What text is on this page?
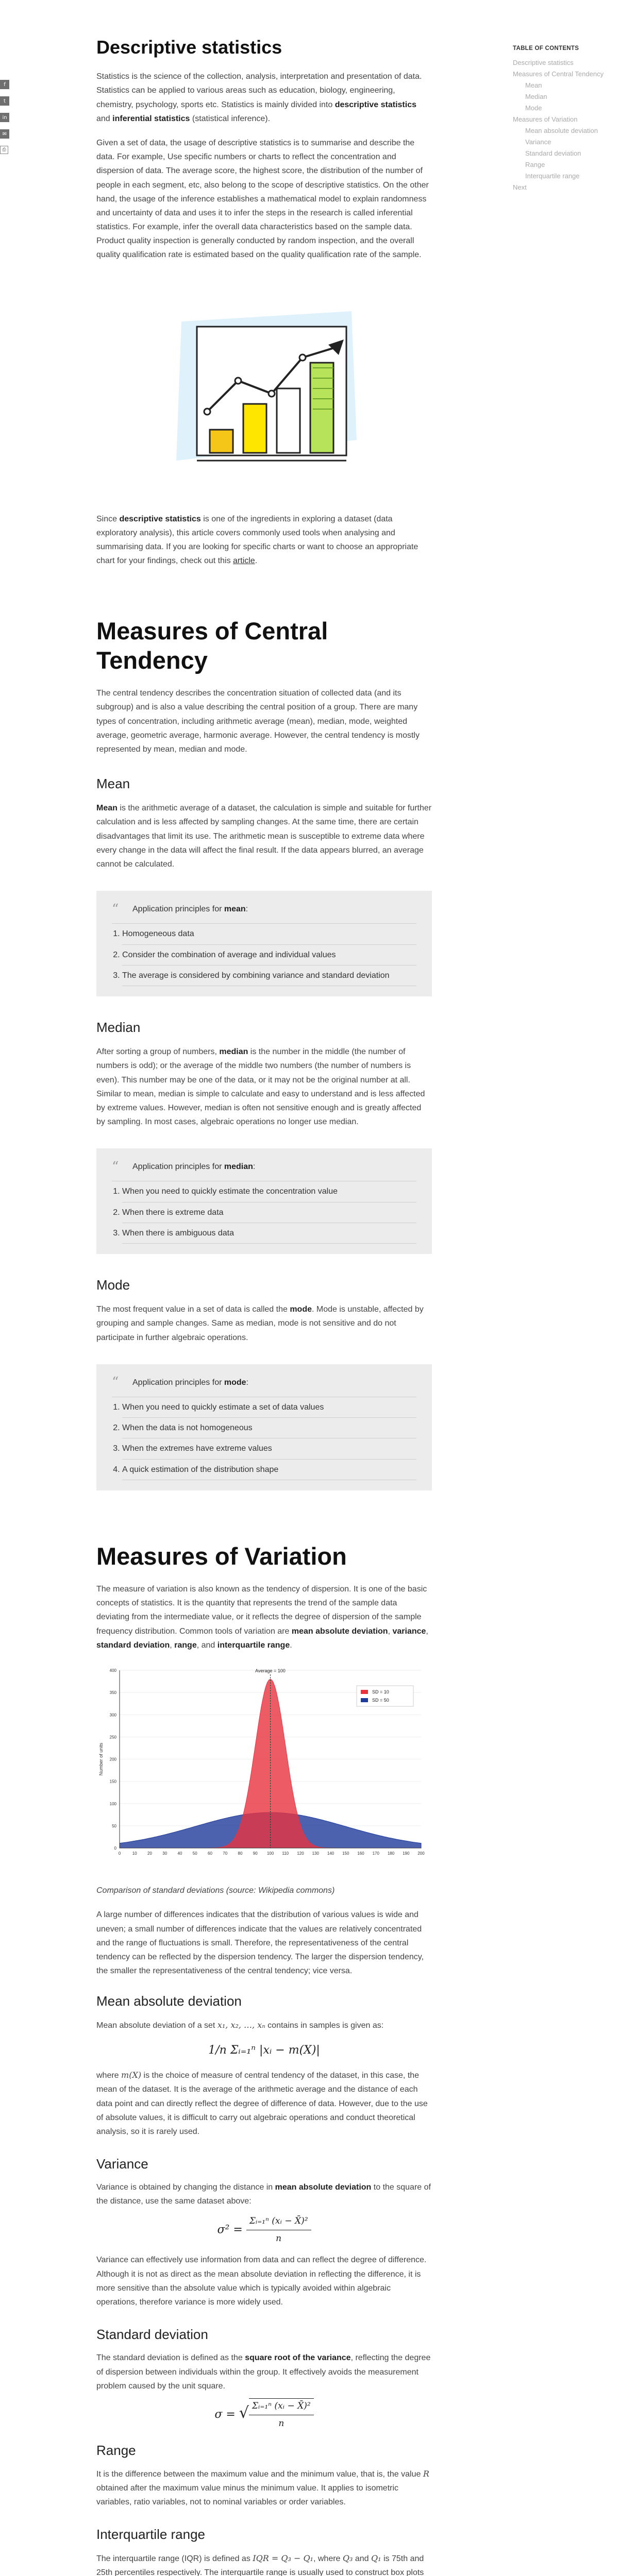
f
t
in
✉
⎙
TABLE OF CONTENTS
Descriptive statistics
Measures of Central Tendency
Mean
Median
Mode
Measures of Variation
Mean absolute deviation
Variance
Standard deviation
Range
Interquartile range
Next
Descriptive statistics

Statistics is the science of the collection, analysis, interpretation and presentation of data. Statistics can be applied to various areas such as education, biology, engineering, chemistry, psychology, sports etc. Statistics is mainly divided into descriptive statistics and inferential statistics (statistical inference).

Given a set of data, the usage of descriptive statistics is to summarise and describe the data. For example, Use specific numbers or charts to reflect the concentration and dispersion of data. The average score, the highest score, the distribution of the number of people in each segment, etc, also belong to the scope of descriptive statistics. On the other hand, the usage of the inference establishes a mathematical model to explain randomness and uncertainty of data and uses it to infer the steps in the research is called inferential statistics. For example, infer the overall data characteristics based on the sample data. Product quality inspection is generally conducted by random inspection, and the overall quality qualification rate is estimated based on the quality qualification rate of the sample.

Since descriptive statistics is one of the ingredients in exploring a dataset (data exploratory analysis), this article covers commonly used tools when analysing and summarising data. If you are looking for specific charts or want to choose an appropriate chart for your findings, check out this article.

Measures of Central Tendency

The central tendency describes the concentration situation of collected data (and its subgroup) and is also a value describing the central position of a group. There are many types of concentration, including arithmetic average (mean), median, mode, weighted average, geometric average, harmonic average. However, the central tendency is mostly represented by mean, median and mode.

Mean

Mean is the arithmetic average of a dataset, the calculation is simple and suitable for further calculation and is less affected by sampling changes. At the same time, there are certain disadvantages that limit its use. The arithmetic mean is susceptible to extreme data where every change in the data will affect the final result. If the data appears blurred, an average cannot be calculated.

“	Application principles for mean:
1. Homogeneous data
2. Consider the combination of average and individual values
3. The average is considered by combining variance and standard deviation
Median

After sorting a group of numbers, median is the number in the middle (the number of numbers is odd); or the average of the middle two numbers (the number of numbers is even). This number may be one of the data, or it may not be the original number at all. Similar to mean, median is simple to calculate and easy to understand and is less affected by extreme values. However, median is often not sensitive enough and is greatly affected by sampling. In most cases, algebraic operations no longer use median.

“	Application principles for median:
1. When you need to quickly estimate the concentration value
2. When there is extreme data
3. When there is ambiguous data
Mode

The most frequent value in a set of data is called the mode. Mode is unstable, affected by grouping and sample changes. Same as median, mode is not sensitive and do not participate in further algebraic operations.

“	Application principles for mode:
1. When you need to quickly estimate a set of data values
2. When the data is not homogeneous
3. When the extremes have extreme values
4. A quick estimation of the distribution shape
Measures of Variation

The measure of variation is also known as the tendency of dispersion. It is one of the basic concepts of statistics. It is the quantity that represents the trend of the sample data deviating from the intermediate value, or it reflects the degree of dispersion of the sample frequency distribution. Common tools of variation are mean absolute deviation, variance, standard deviation, range, and interquartile range.

0
50
100
150
200
250
300
350
400
0	10	20	30	40	50	60	70	80	90 100 110 120 130 140 150 160 170 180 190 200
Average = 100
Number of units
SD = 10
SD = 50

Comparison of standard deviations (source: Wikipedia commons)

A large number of differences indicates that the distribution of various values is wide and uneven; a small number of differences indicate that the values are relatively concentrated and the range of fluctuations is small. Therefore, the representativeness of the central tendency can be reflected by the dispersion tendency. The larger the dispersion tendency, the smaller the representativeness of the central tendency; vice versa.

Mean absolute deviation

Mean absolute deviation of a set x₁, x₂, …, xₙ contains in samples is given as:

1/n Σᵢ₌₁ⁿ |xᵢ − m(X)|

where m(X) is the choice of measure of central tendency of the dataset, in this case, the mean of the dataset. It is the average of the arithmetic average and the distance of each data point and can directly reflect the degree of difference of data. However, due to the use of absolute values, it is difficult to carry out algebraic operations and conduct theoretical analysis, so it is rarely used.

Variance

Variance is obtained by changing the distance in mean absolute deviation to the square of the distance, use the same dataset above:

$\sigma^2 = \frac{\text{Σᵢ₌₁ⁿ (xᵢ − X̄)²}}{n}$

Variance can effectively use information from data and can reflect the degree of difference. Although it is not as direct as the mean absolute deviation in reflecting the difference, it is more sensitive than the absolute value which is typically avoided within algebraic operations, therefore variance is more widely used.

Standard deviation

The standard deviation is defined as the square root of the variance, reflecting the degree of dispersion between individuals within the group. It effectively avoids the measurement problem caused by the unit square.

σ = √ $\frac{\text{Σᵢ₌₁ⁿ (xᵢ − X̄)²}}{n}$
Range

It is the difference between the maximum value and the minimum value, that is, the value R obtained after the maximum value minus the minimum value. It applies to isometric variables, ratio variables, not to nominal variables or order variables.

Interquartile range

The interquartile range (IQR) is defined as IQR = Q₃ − Q₁, where Q₃ and Q₁ is 75th and 25th percentiles respectively. The interquartile range is usually used to construct box plots
